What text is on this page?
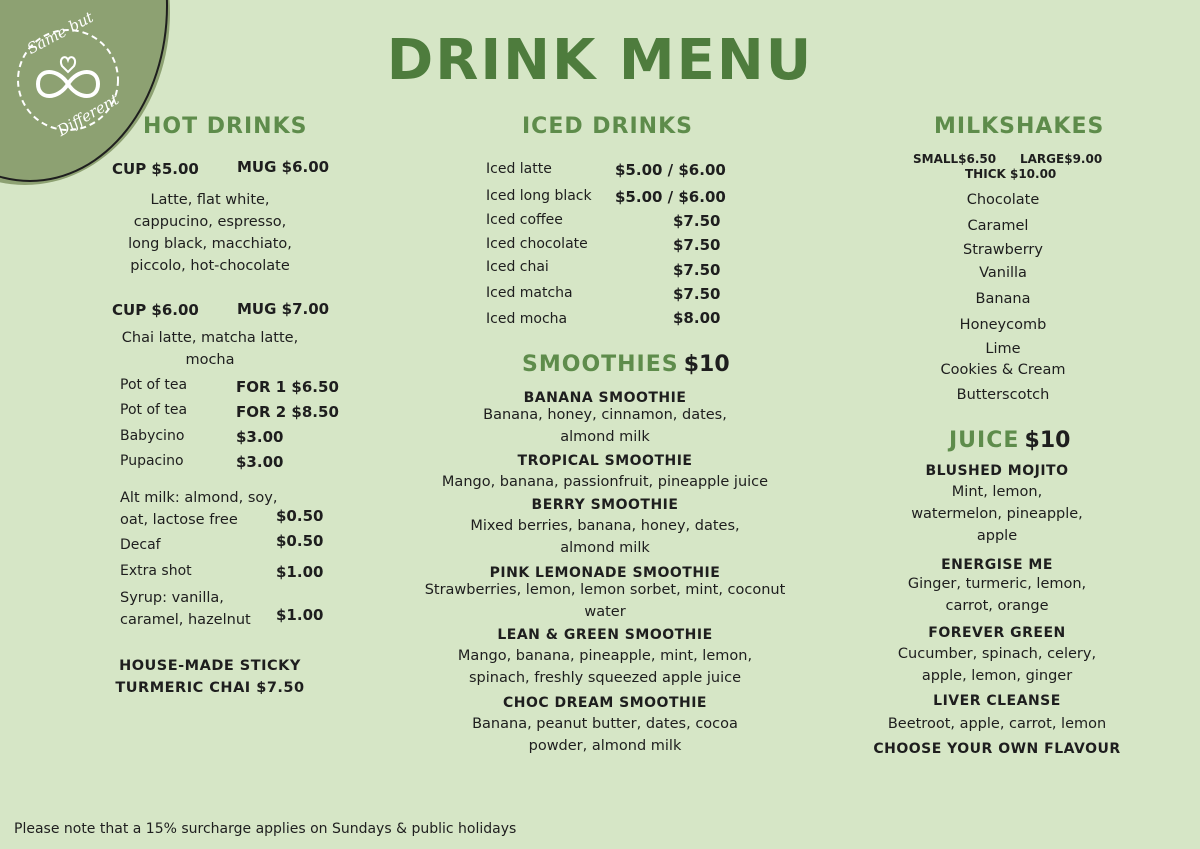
Same but
Different
DRINK MENU
HOT DRINKS
CUP $5.00	MUG $6.00
Latte, flat white,
cappucino, espresso,
long black, macchiato,
piccolo, hot-chocolate
CUP $6.00	MUG $7.00
Chai latte, matcha latte,
mocha
Pot of tea	FOR 1 $6.50
Pot of tea	FOR 2 $8.50
Babycino	$3.00
Pupacino	$3.00
Alt milk: almond, soy,
oat, lactose free	$0.50
Decaf	$0.50
Extra shot	$1.00
Syrup: vanilla,
caramel, hazelnut $1.00
HOUSE-MADE STICKY
TURMERIC CHAI $7.50
ICED DRINKS
Iced latte	$5.00 / $6.00
Iced long black $5.00 / $6.00
Iced coffee	$7.50
Iced chocolate	$7.50
Iced chai	$7.50
Iced matcha	$7.50
Iced mocha	$8.00
SMOOTHIES $10
BANANA SMOOTHIE
Banana, honey, cinnamon, dates,
almond milk
TROPICAL SMOOTHIE
Mango, banana, passionfruit, pineapple juice
BERRY SMOOTHIE
Mixed berries, banana, honey, dates,
almond milk
PINK LEMONADE SMOOTHIE
Strawberries, lemon, lemon sorbet, mint, coconut
water
LEAN & GREEN SMOOTHIE
Mango, banana, pineapple, mint, lemon,
spinach, freshly squeezed apple juice
CHOC DREAM SMOOTHIE
Banana, peanut butter, dates, cocoa
powder, almond milk
MILKSHAKES
SMALL$6.50 LARGE$9.00
THICK $10.00
Chocolate
Caramel
Strawberry
Vanilla
Banana
Honeycomb
Lime
Cookies & Cream
Butterscotch
JUICE $10
BLUSHED MOJITO
Mint, lemon,
watermelon, pineapple,
apple
ENERGISE ME
Ginger, turmeric, lemon,
carrot, orange
FOREVER GREEN
Cucumber, spinach, celery,
apple, lemon, ginger
LIVER CLEANSE
Beetroot, apple, carrot, lemon
CHOOSE YOUR OWN FLAVOUR
Please note that a 15% surcharge applies on Sundays & public holidays
